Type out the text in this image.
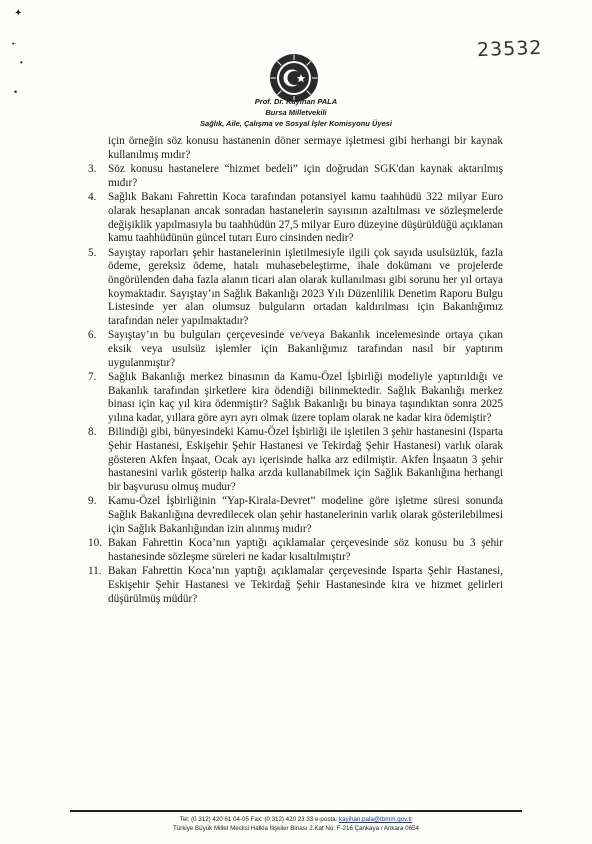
✦
•‧
•
•
23532
Prof. Dr. Kayıhan PALA
Bursa Milletvekili
Sağlık, Aile, Çalışma ve Sosyal İşler Komisyonu Üyesi

için örneğin söz konusu hastanenin döner sermaye işletmesi gibi herhangi bir kaynak kullanılmış mıdır?

3.	Söz konusu hastanelere “hizmet bedeli” için doğrudan SGK'dan kaynak aktarılmış mıdır?
4.	Sağlık Bakanı Fahrettin Koca tarafından potansiyel kamu taahhüdü 322 milyar Euro olarak hesaplanan ancak sonradan hastanelerin sayısının azaltılması ve sözleşmelerde değişiklik yapılmasıyla bu taahhüdün 27,5 milyar Euro düzeyine düşürüldüğü açıklanan kamu taahhüdünün güncel tutarı Euro cinsinden nedir?
5.	Sayıştay raporları şehir hastanelerinin işletilmesiyle ilgili çok sayıda usulsüzlük, fazla ödeme, gereksiz ödeme, hatalı muhasebeleştirme, ihale dokümanı ve projelerde öngörülenden daha fazla alanın ticari alan olarak kullanılması gibi sorunu her yıl ortaya koymaktadır. Sayıştay’ın Sağlık Bakanlığı 2023 Yılı Düzenlilik Denetim Raporu Bulgu Listesinde yer alan olumsuz bulguların ortadan kaldırılması için Bakanlığımız tarafından neler yapılmaktadır?
6.	Sayıştay’ın bu bulguları çerçevesinde ve/veya Bakanlık incelemesinde ortaya çıkan eksik veya usulsüz işlemler için Bakanlığımız tarafından nasıl bir yaptırım uygulanmıştır?
7.	Sağlık Bakanlığı merkez binasının da Kamu-Özel İşbirliği modeliyle yaptırıldığı ve Bakanlık tarafından şirketlere kira ödendiği bilinmektedir. Sağlık Bakanlığı merkez binası için kaç yıl kira ödenmiştir? Sağlık Bakanlığı bu binaya taşındıktan sonra 2025 yılına kadar, yıllara göre ayrı ayrı olmak üzere toplam olarak ne kadar kira ödemiştir?
8.	Bilindiği gibi, bünyesindeki Kamu-Özel İşbirliği ile işletilen 3 şehir hastanesini (Isparta Şehir Hastanesi, Eskişehir Şehir Hastanesi ve Tekirdağ Şehir Hastanesi) varlık olarak gösteren Akfen İnşaat, Ocak ayı içerisinde halka arz edilmiştir. Akfen İnşaatın 3 şehir hastanesini varlık gösterip halka arzda kullanabilmek için Sağlık Bakanlığına herhangi bir başvurusu olmuş mudur?
9.	Kamu-Özel İşbirliğinin “Yap-Kirala-Devret” modeline göre işletme süresi sonunda Sağlık Bakanlığına devredilecek olan şehir hastanelerinin varlık olarak gösterilebilmesi için Sağlık Bakanlığından izin alınmış mıdır?
10. Bakan Fahrettin Koca’nın yaptığı açıklamalar çerçevesinde söz konusu bu 3 şehir hastanesinde sözleşme süreleri ne kadar kısaltılmıştır?
11. Bakan Fahrettin Koca’nın yaptığı açıklamalar çerçevesinde Isparta Şehir Hastanesi, Eskişehir Şehir Hastanesi ve Tekirdağ Şehir Hastanesinde kira ve hizmet gelirleri düşürülmüş müdür?
Tel: (0 312) 420 61 04-05 Fax: (0 312) 420 23 33 e-posta: kayihan.pala@tbmm.gov.tr
Türkiye Büyük Millet Meclisi Halkla İlişkiler Binası 2.Kat No: F-216 Çankaya / Ankara 0654
